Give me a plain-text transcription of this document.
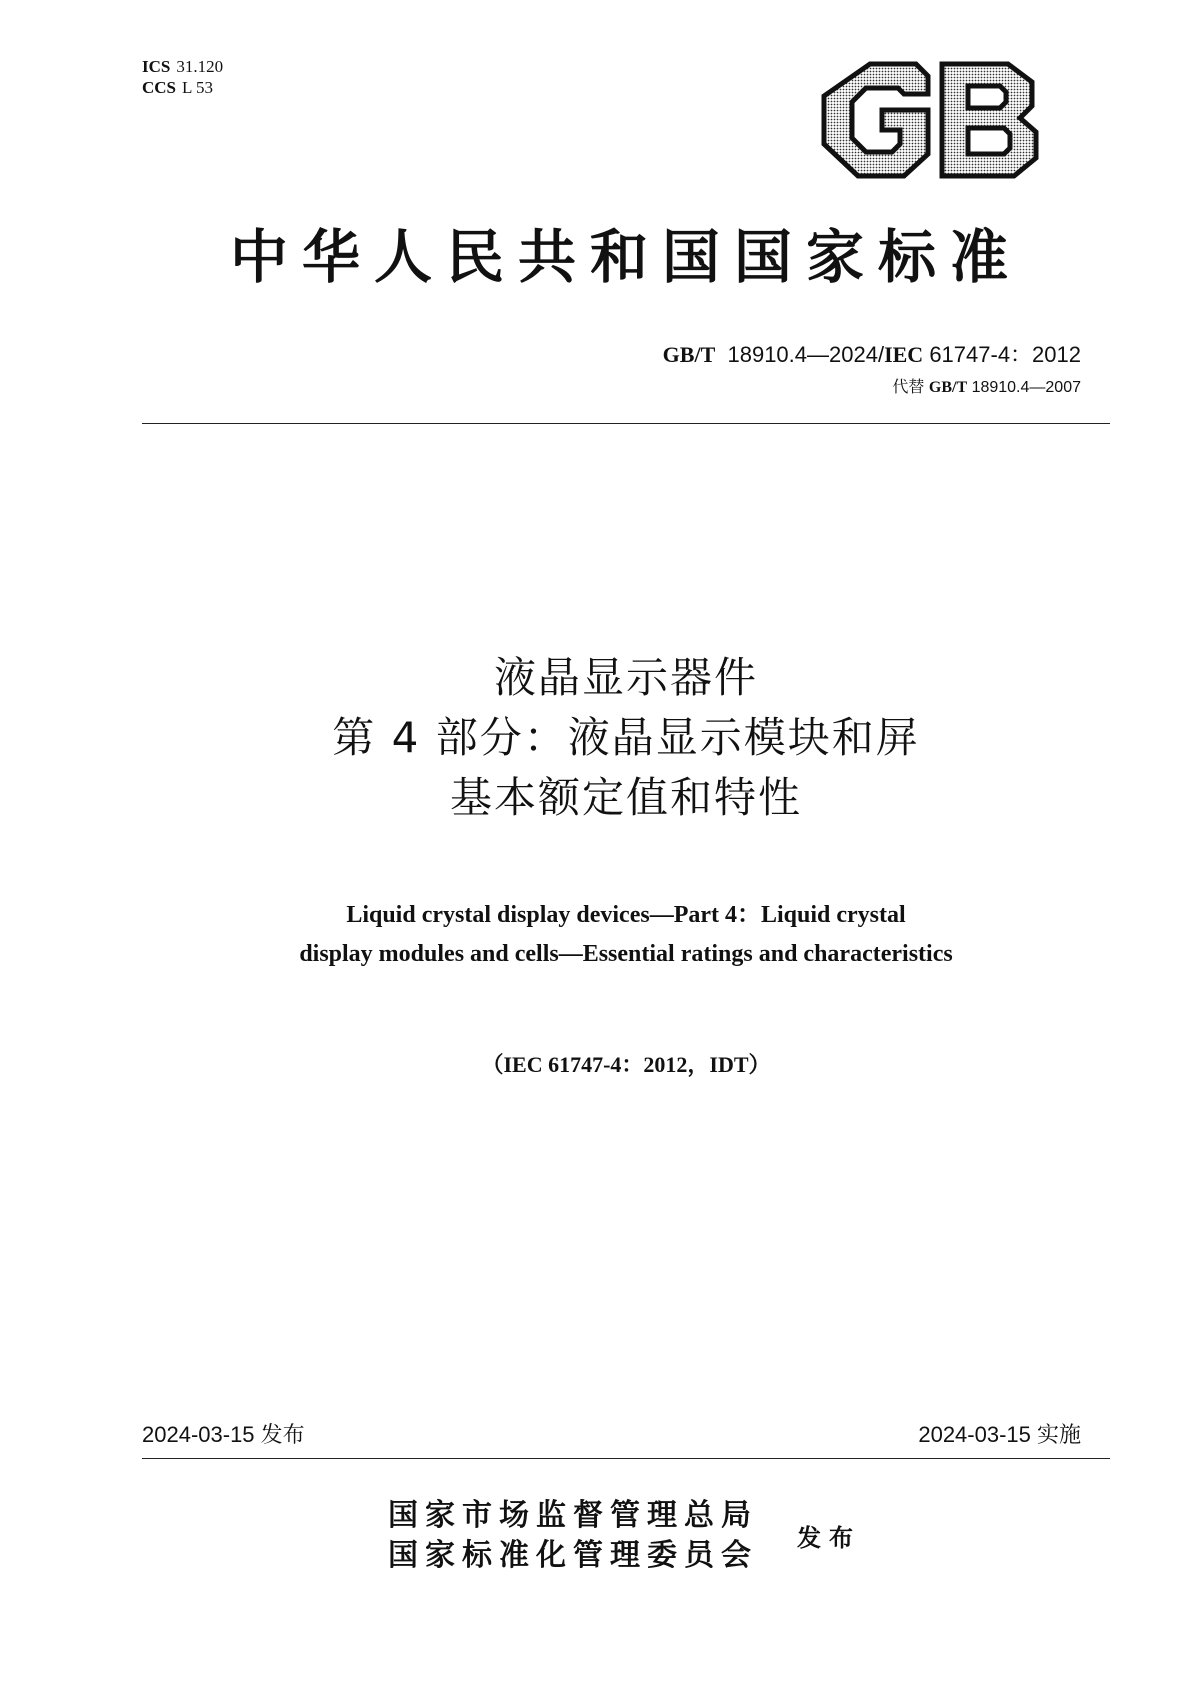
ICS 31.120
CCS L 53
中华人民共和国国家标准
GB/T 18910.4—2024/IEC 61747-4：2012
代替 GB/T 18910.4—2007
液晶显示器件
第 4 部分：液晶显示模块和屏
基本额定值和特性
Liquid crystal display devices—Part 4：Liquid crystal
display modules and cells—Essential ratings and characteristics
（IEC 61747-4：2012，IDT）
2024-03-15 发布	2024-03-15 实施
国家市场监督管理总局
国家标准化管理委员会
发布
